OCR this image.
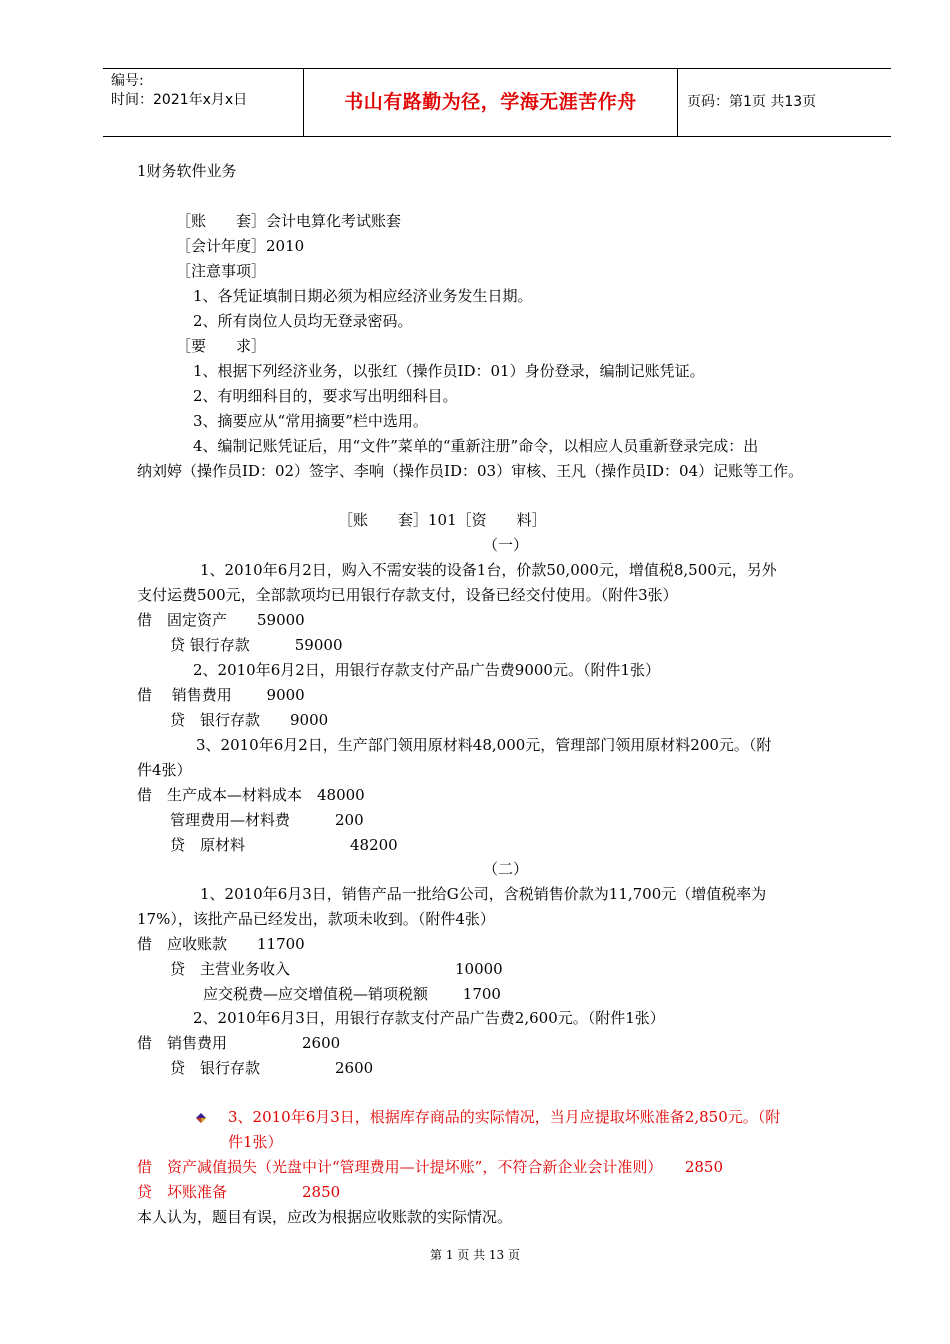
编号:
时间：2021年x月x日	书山有路勤为径，学海无涯苦作舟	页码：第1页 共13页
1财务软件业务
［账　　套］会计电算化考试账套
［会计年度］2010
［注意事项］
1、各凭证填制日期必须为相应经济业务发生日期。
2、所有岗位人员均无登录密码。
［要　　求］
1、根据下列经济业务，以张红（操作员ID：01）身份登录，编制记账凭证。
2、有明细科目的，要求写出明细科目。
3、摘要应从“常用摘要”栏中选用。
4、编制记账凭证后，用“文件”菜单的“重新注册”命令，以相应人员重新登录完成：出
纳刘婷（操作员ID：02）签字、李响（操作员ID：03）审核、王凡（操作员ID：04）记账等工作。
［账　　套］101［资　　料］
（一）
1、2010年6月2日，购入不需安装的设备1台，价款50,000元，增值税8,500元，另外
支付运费500元，全部款项均已用银行存款支付，设备已经交付使用。（附件3张）
借　固定资产　　59000
贷 银行存款　　　59000
2、2010年6月2日，用银行存款支付产品广告费9000元。（附件1张）
借　 销售费用　　 9000
贷　银行存款　　9000
3、2010年6月2日，生产部门领用原材料48,000元，管理部门领用原材料200元。（附
件4张）
借　生产成本—材料成本　48000
管理费用—材料费　　　200
贷　原材料　　　　　　　48200
（二）
1、2010年6月3日，销售产品一批给G公司，含税销售价款为11,700元（增值税率为
17%），该批产品已经发出，款项未收到。（附件4张）
借　应收账款　　11700
贷　主营业务收入　　　　　　　　　　　10000
应交税费—应交增值税—销项税额　　 1700
2、2010年6月3日，用银行存款支付产品广告费2,600元。（附件1张）
借　销售费用　　　　　2600
贷　银行存款　　　　　2600
3、2010年6月3日，根据库存商品的实际情况，当月应提取坏账准备2,850元。（附
件1张）
借　资产减值损失（光盘中计“管理费用—计提坏账”，不符合新企业会计准则）　　2850
贷　坏账准备　　　　　2850
本人认为，题目有误，应改为根据应收账款的实际情况。
第 1 页 共 13 页
